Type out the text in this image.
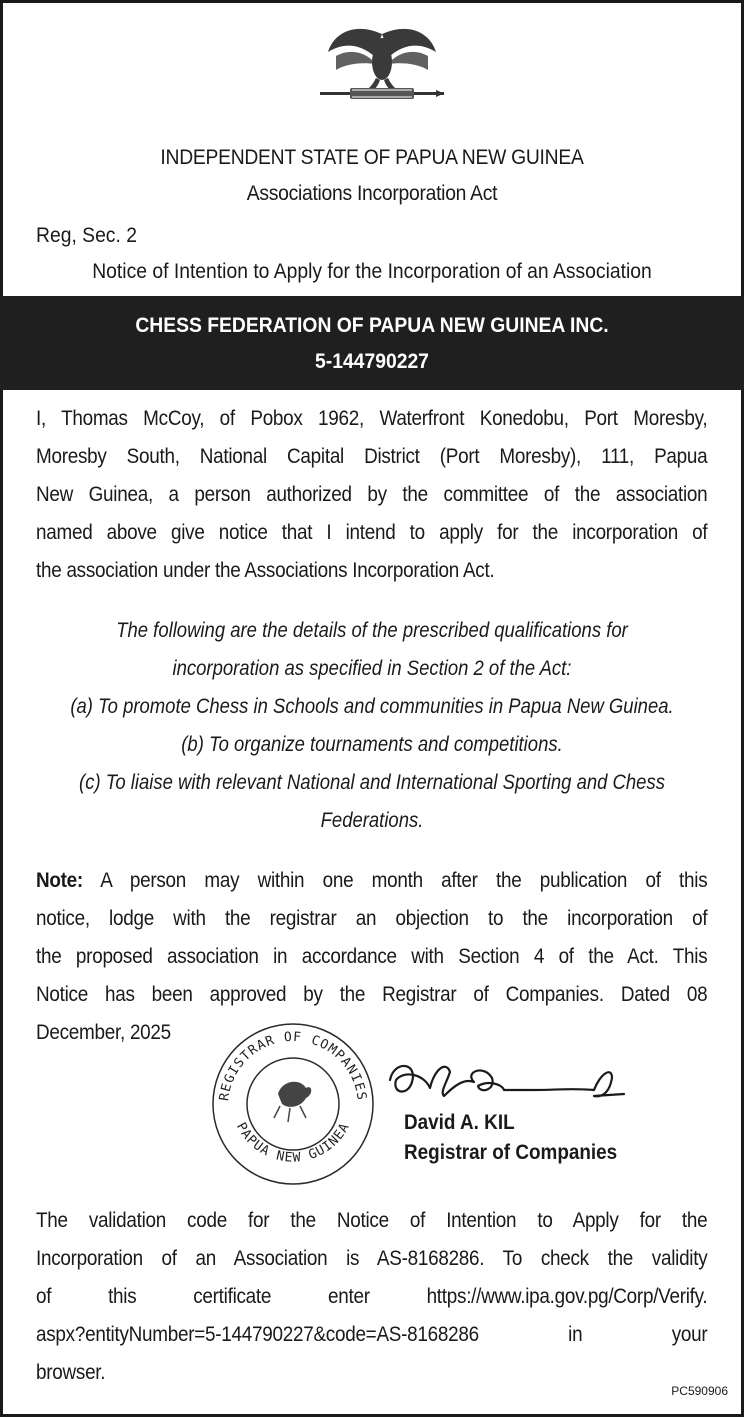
INDEPENDENT STATE OF PAPUA NEW GUINEA
Associations Incorporation Act
Reg, Sec. 2
Notice of Intention to Apply for the Incorporation of an Association
CHESS FEDERATION OF PAPUA NEW GUINEA INC.
5-144790227
I, Thomas McCoy, of Pobox 1962, Waterfront Konedobu, Port Moresby,
Moresby South, National Capital District (Port Moresby), 111, Papua
New Guinea, a person authorized by the committee of the association
named above give notice that I intend to apply for the incorporation of
the association under the Associations Incorporation Act.
The following are the details of the prescribed qualifications for
incorporation as specified in Section 2 of the Act:
(a) To promote Chess in Schools and communities in Papua New Guinea.
(b) To organize tournaments and competitions.
(c) To liaise with relevant National and International Sporting and Chess
Federations.
Note: A person may within one month after the publication of this
notice, lodge with the registrar an objection to the incorporation of
the proposed association in accordance with Section 4 of the Act. This
Notice has been approved by the Registrar of Companies. Dated 08
December, 2025
REGISTRAR OF COMPANIES
PAPUA NEW GUINEA David A. KIL
Registrar of Companies
The validation code for the Notice of Intention to Apply for the
Incorporation of an Association is AS-8168286. To check the validity
of this certificate enter https://www.ipa.gov.pg/Corp/Verify.
aspx?entityNumber=5-144790227&code=AS-8168286 in your
browser.
PC590906
